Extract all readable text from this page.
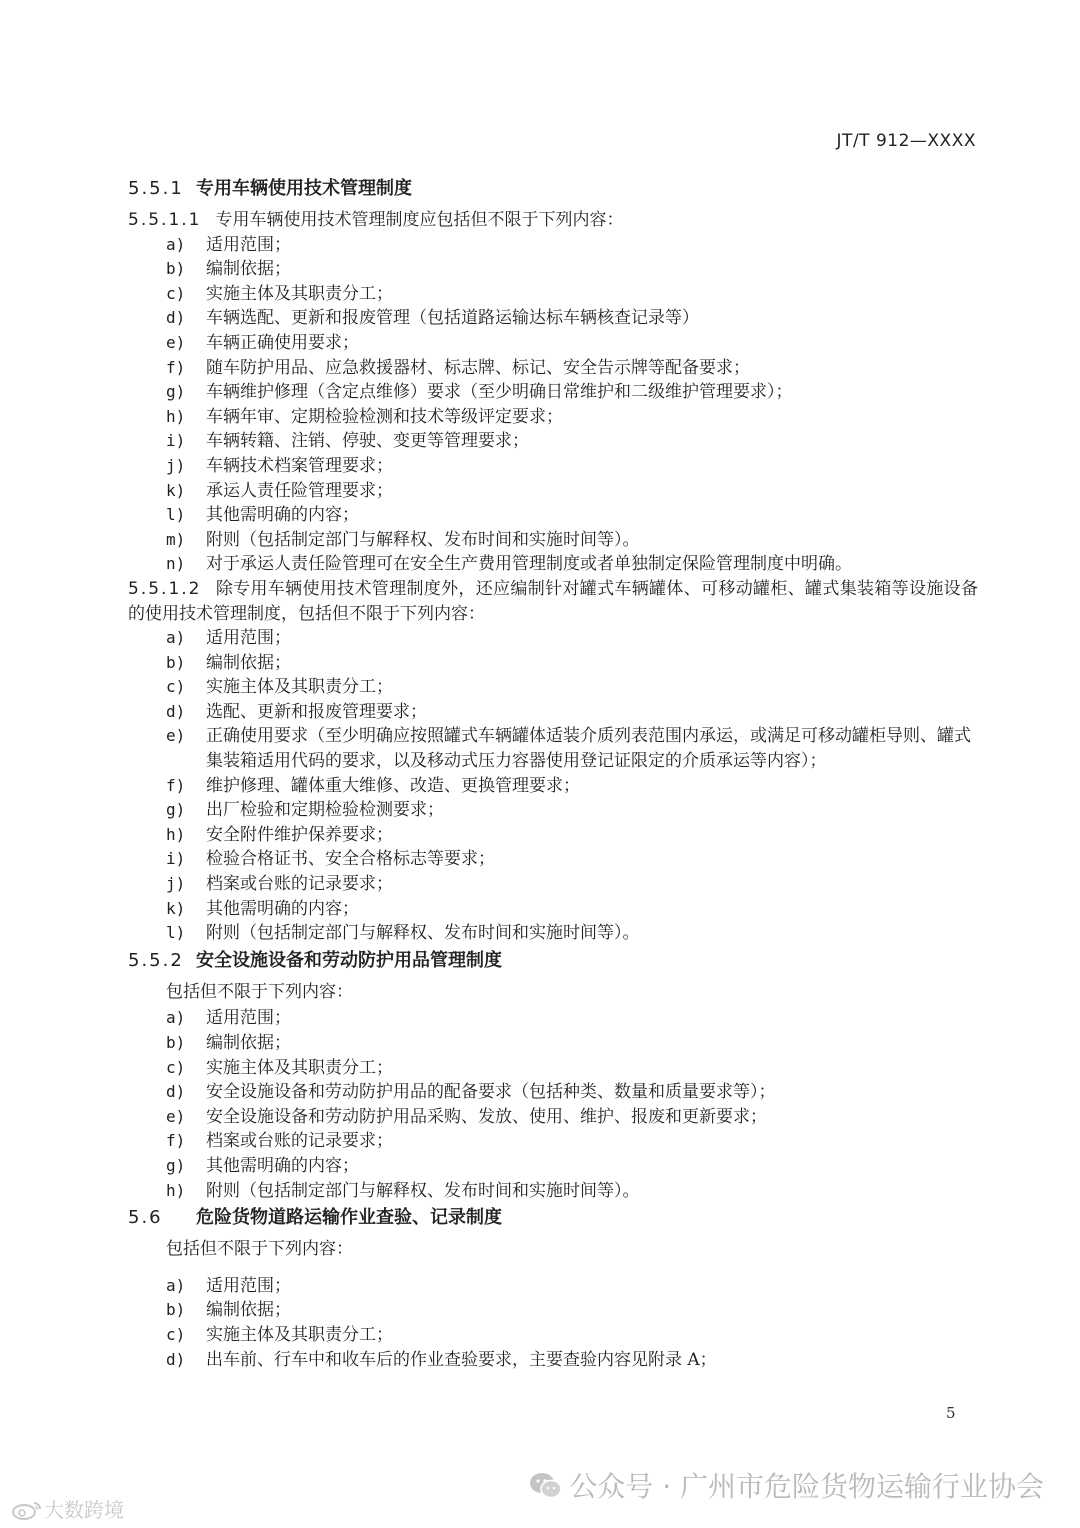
JT/T 912—XXXX
5.5.1 专用车辆使用技术管理制度
5.5.1.1 专用车辆使用技术管理制度应包括但不限于下列内容：
a) 适用范围；
b) 编制依据；
c) 实施主体及其职责分工；
d) 车辆选配、更新和报废管理（包括道路运输达标车辆核查记录等）
e) 车辆正确使用要求；
f) 随车防护用品、应急救援器材、标志牌、标记、安全告示牌等配备要求；
g) 车辆维护修理（含定点维修）要求（至少明确日常维护和二级维护管理要求）；
h) 车辆年审、定期检验检测和技术等级评定要求；
i) 车辆转籍、注销、停驶、变更等管理要求；
j) 车辆技术档案管理要求；
k) 承运人责任险管理要求；
l) 其他需明确的内容；
m) 附则（包括制定部门与解释权、发布时间和实施时间等）。
n) 对于承运人责任险管理可在安全生产费用管理制度或者单独制定保险管理制度中明确。
5.5.1.2 除专用车辆使用技术管理制度外，还应编制针对罐式车辆罐体、可移动罐柜、罐式集装箱等设施设备的使用技术管理制度，包括但不限于下列内容：
a) 适用范围；
b) 编制依据；
c) 实施主体及其职责分工；
d) 选配、更新和报废管理要求；
e) 正确使用要求（至少明确应按照罐式车辆罐体适装介质列表范围内承运，或满足可移动罐柜导则、罐式集装箱适用代码的要求，以及移动式压力容器使用登记证限定的介质承运等内容）；
f) 维护修理、罐体重大维修、改造、更换管理要求；
g) 出厂检验和定期检验检测要求；
h) 安全附件维护保养要求；
i) 检验合格证书、安全合格标志等要求；
j) 档案或台账的记录要求；
k) 其他需明确的内容；
l) 附则（包括制定部门与解释权、发布时间和实施时间等）。
5.5.2 安全设施设备和劳动防护用品管理制度
包括但不限于下列内容：
a) 适用范围；
b) 编制依据；
c) 实施主体及其职责分工；
d) 安全设施设备和劳动防护用品的配备要求（包括种类、数量和质量要求等）；
e) 安全设施设备和劳动防护用品采购、发放、使用、维护、报废和更新要求；
f) 档案或台账的记录要求；
g) 其他需明确的内容；
h) 附则（包括制定部门与解释权、发布时间和实施时间等）。
5.6 危险货物道路运输作业查验、记录制度
包括但不限于下列内容：
a) 适用范围；
b) 编制依据；
c) 实施主体及其职责分工；
d) 出车前、行车中和收车后的作业查验要求，主要查验内容见附录 A；
5
公众号 · 广州市危险货物运输行业协会
大数跨境
